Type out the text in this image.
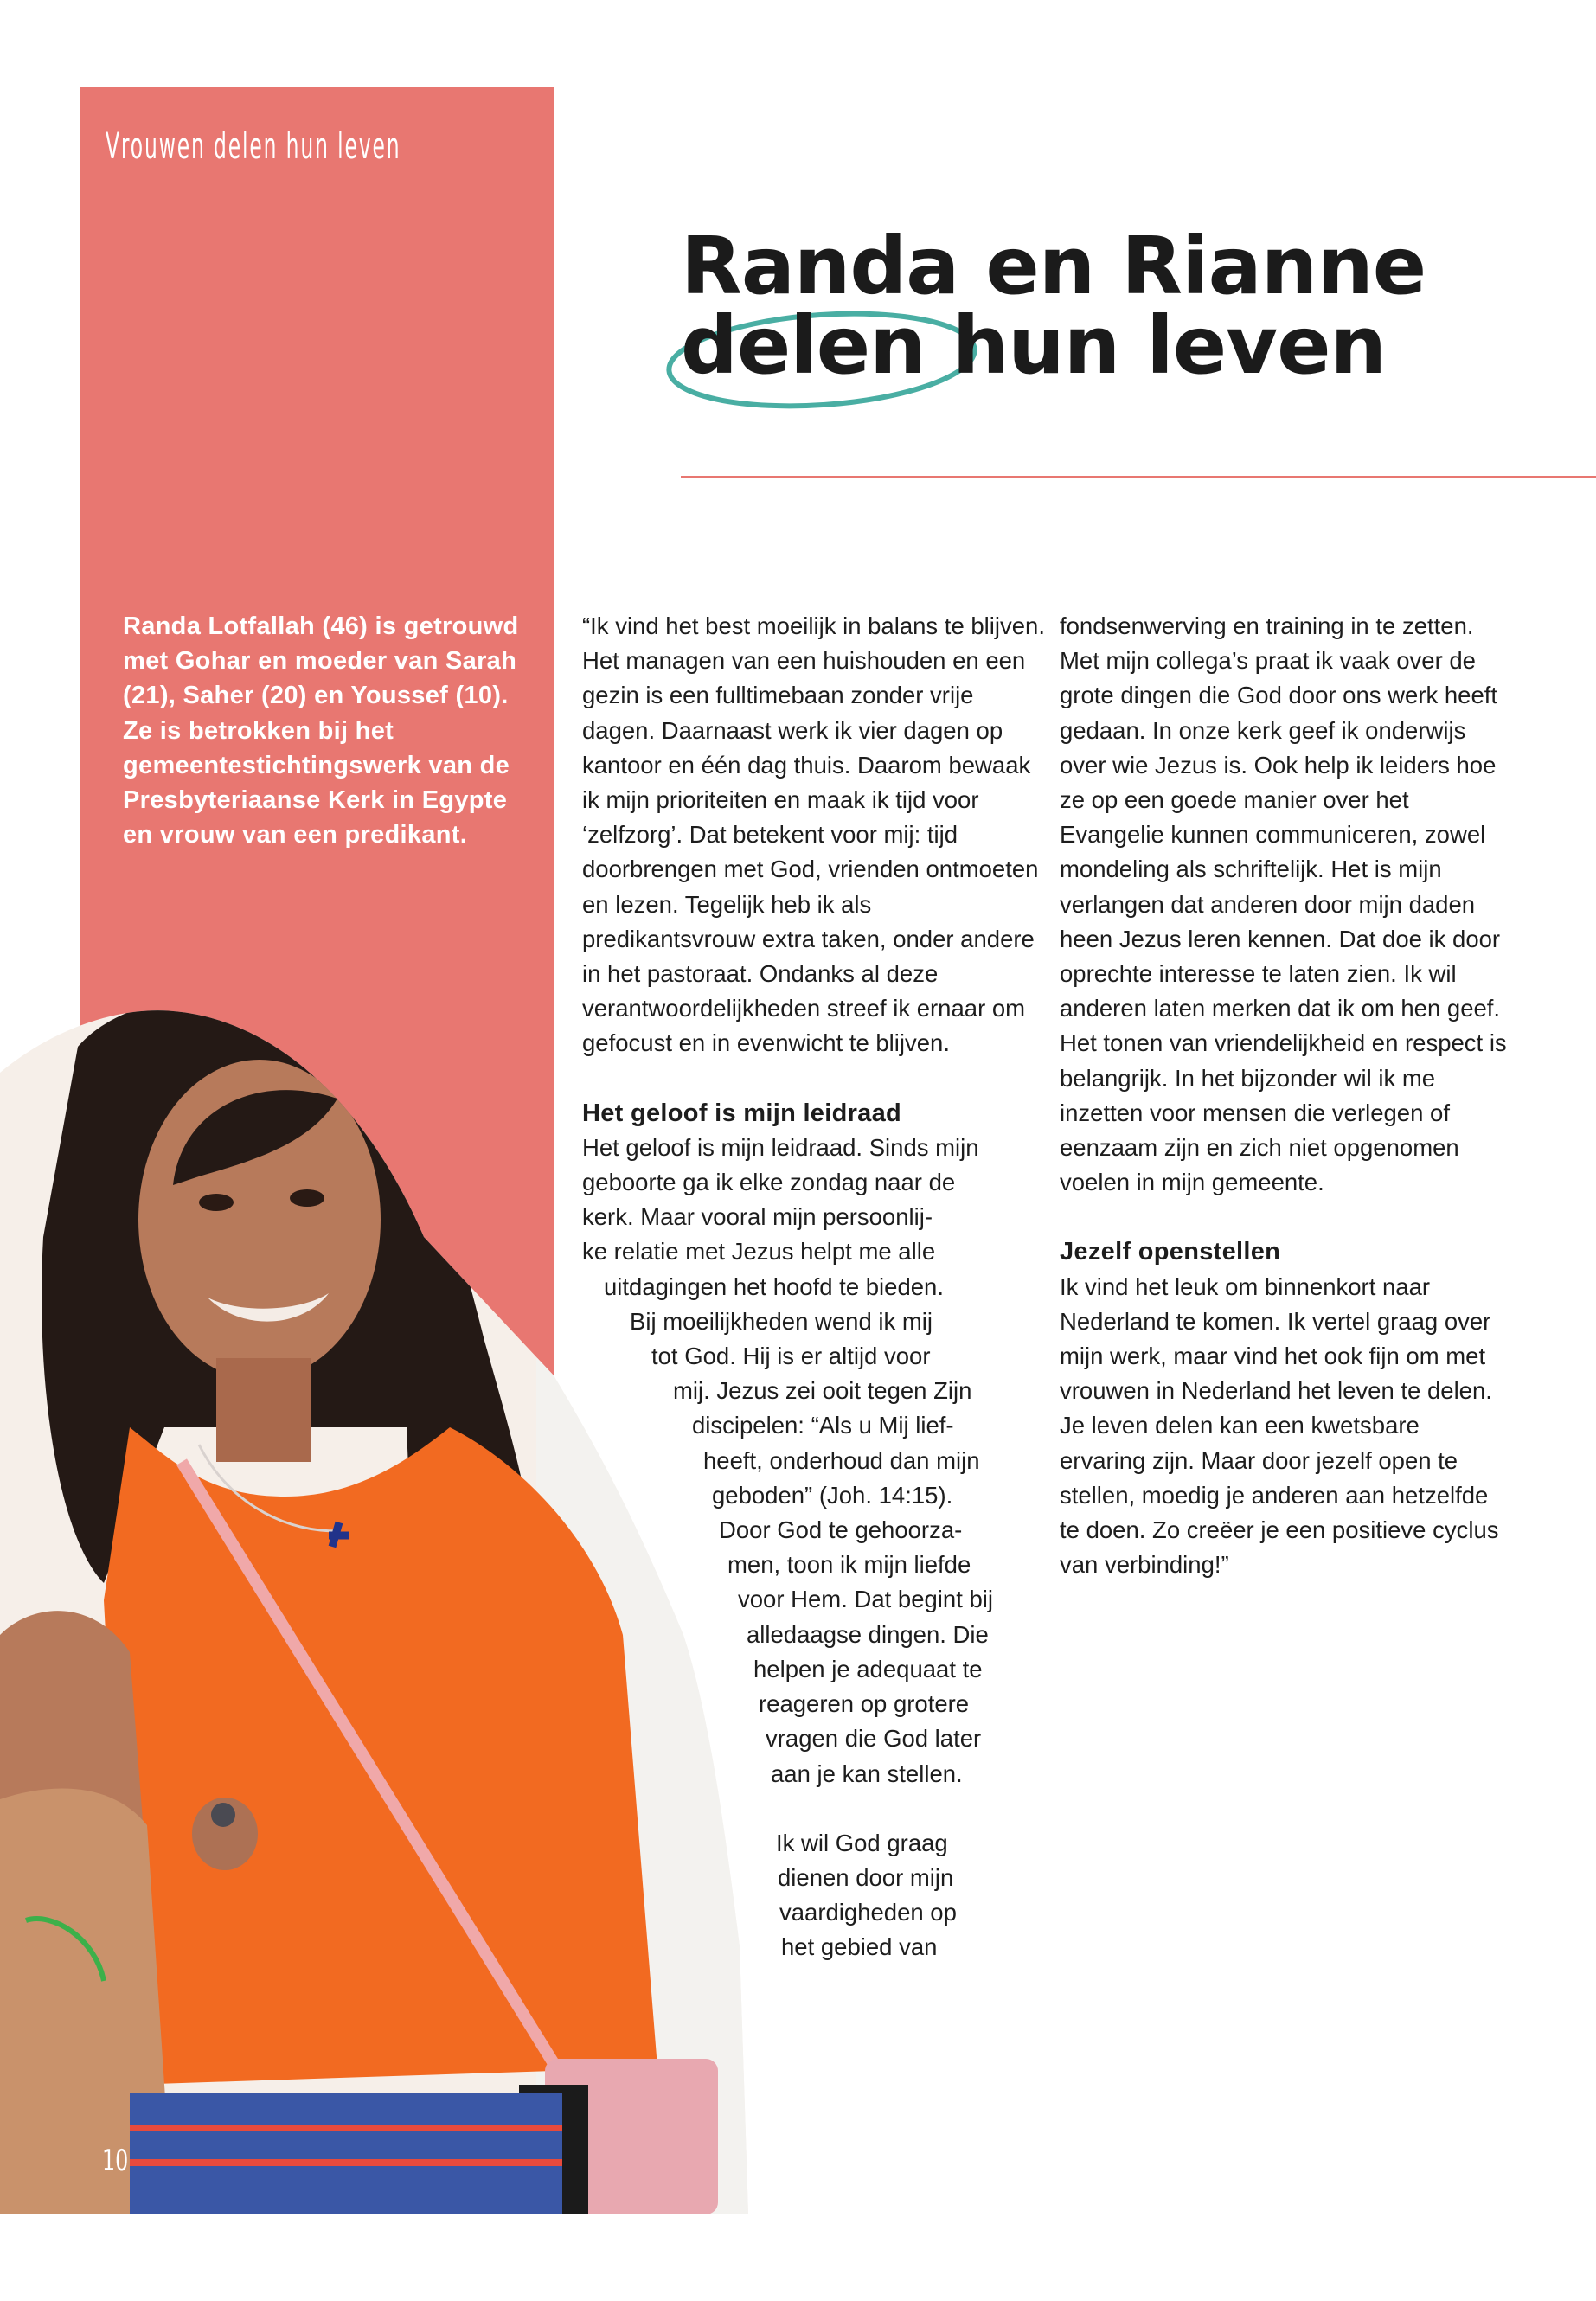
Vrouwen delen hun leven
Randa en Rianne
delen hun leven
Randa Lotfallah (46) is getrouwd met Gohar en moeder van Sarah (21), Saher (20) en Youssef (10). Ze is betrokken bij het gemeentestichtingswerk van de Presbyteriaanse Kerk in Egypte en vrouw van een predikant.

“Ik vind het best moeilijk in balans te blijven. Het managen van een huishouden en een gezin is een fulltimebaan zonder vrije dagen. Daarnaast werk ik vier dagen op kantoor en één dag thuis. Daarom bewaak ik mijn prioriteiten en maak ik tijd voor ‘zelfzorg’. Dat betekent voor mij: tijd doorbrengen met God, vrienden ontmoeten en lezen. Tegelijk heb ik als predikantsvrouw extra taken, onder andere in het pastoraat. Ondanks al deze verantwoordelijkheden streef ik ernaar om gefocust en in evenwicht te blijven.

Het geloof is mijn leidraad
Het geloof is mijn leidraad. Sinds mijn
geboorte ga ik elke zondag naar de
kerk. Maar vooral mijn persoonlij-
ke relatie met Jezus helpt me alle
uitdagingen het hoofd te bieden.
Bij moeilijkheden wend ik mij
tot God. Hij is er altijd voor
mij. Jezus zei ooit tegen Zijn
discipelen: “Als u Mij lief-
heeft, onderhoud dan mijn
geboden” (Joh. 14:15).
Door God te gehoorza-
men, toon ik mijn liefde
voor Hem. Dat begint bij
alledaagse dingen. Die
helpen je adequaat te
reageren op grotere
vragen die God later
aan je kan stellen.
Ik wil God graag
dienen door mijn
vaardigheden op
het gebied van

fondsenwerving en training in te zetten. Met mijn collega’s praat ik vaak over de grote dingen die God door ons werk heeft gedaan. In onze kerk geef ik onderwijs over wie Jezus is. Ook help ik leiders hoe ze op een goede manier over het Evangelie kunnen communiceren, zowel mondeling als schriftelijk. Het is mijn verlangen dat anderen door mijn daden heen Jezus leren kennen. Dat doe ik door oprechte interesse te laten zien. Ik wil anderen laten merken dat ik om hen geef. Het tonen van vriendelijkheid en respect is belangrijk. In het bijzonder wil ik me inzetten voor mensen die verlegen of eenzaam zijn en zich niet opgenomen voelen in mijn gemeente.

Jezelf openstellen

Ik vind het leuk om binnenkort naar Nederland te komen. Ik vertel graag over mijn werk, maar vind het ook fijn om met vrouwen in Nederland het leven te delen. Je leven delen kan een kwetsbare ervaring zijn. Maar door jezelf open te stellen, moedig je anderen aan hetzelfde te doen. Zo creëer je een positieve cyclus van verbinding!”

10
